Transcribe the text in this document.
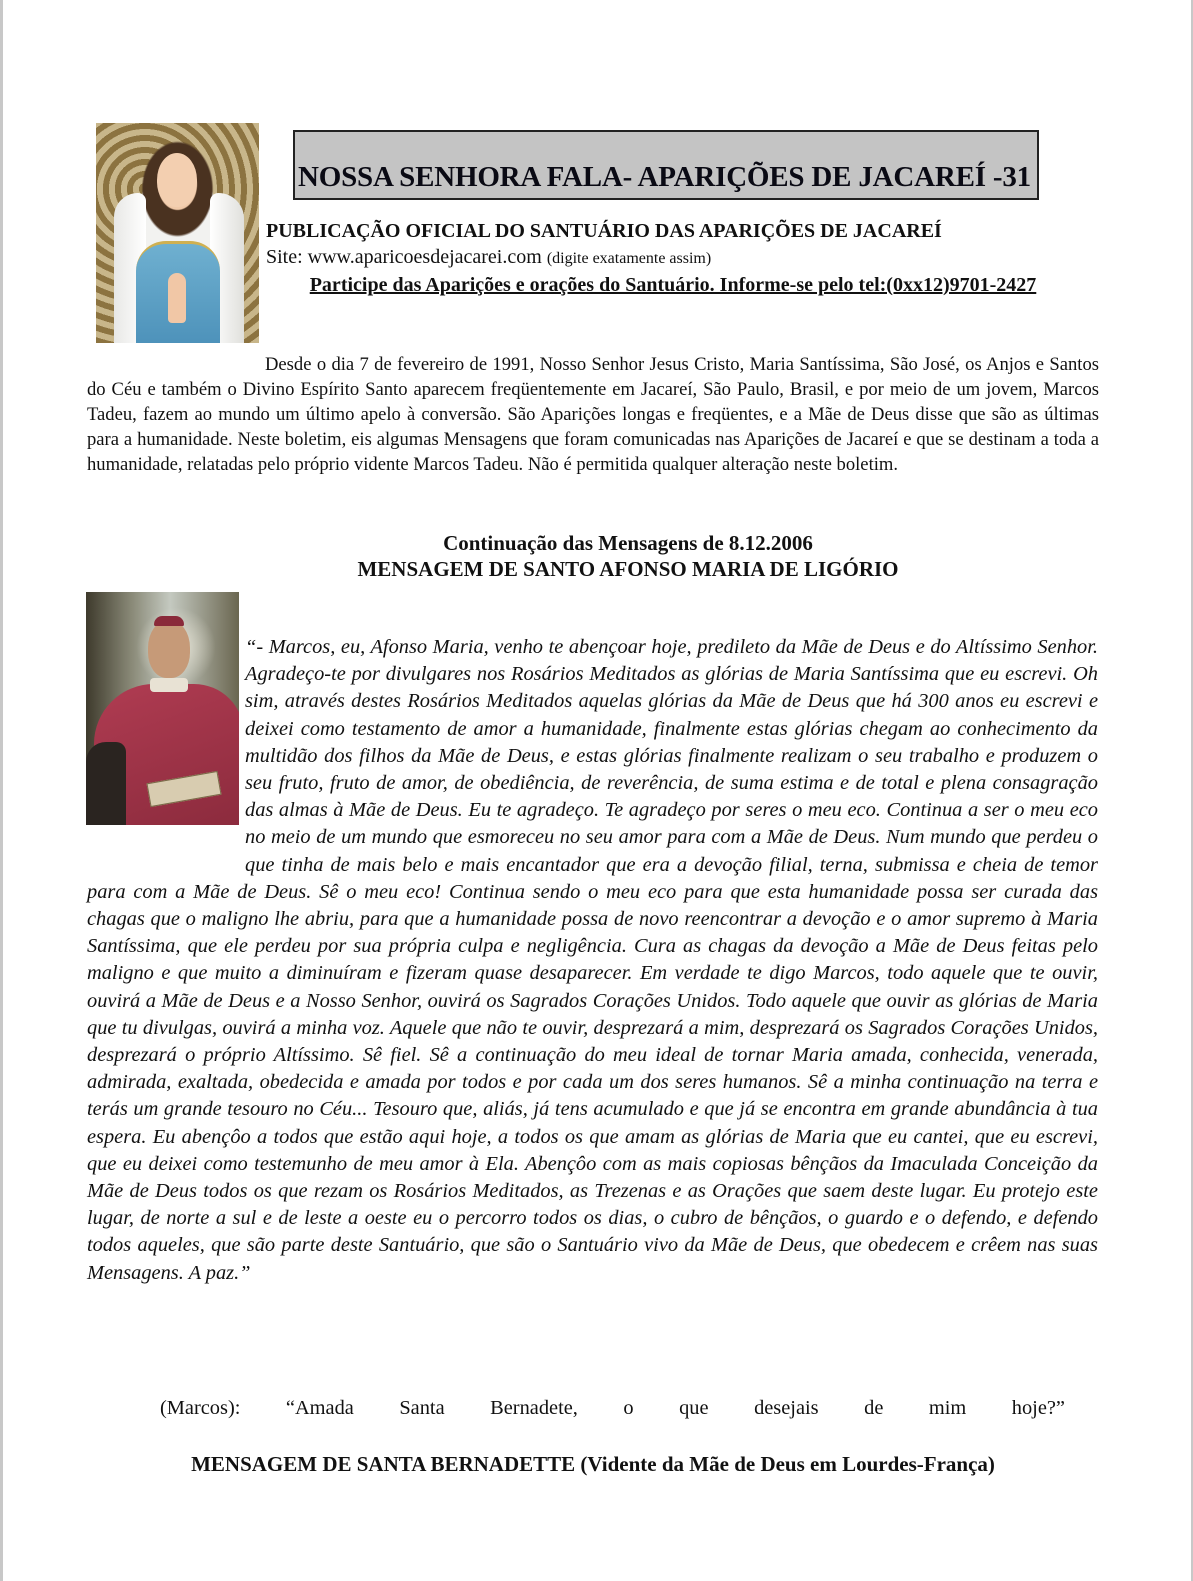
NOSSA SENHORA FALA- APARIÇÕES DE JACAREÍ -31
PUBLICAÇÃO OFICIAL DO SANTUÁRIO DAS APARIÇÕES DE JACAREÍ
Site: www.aparicoesdejacarei.com (digite exatamente assim)
Participe das Aparições e orações do Santuário. Informe-se pelo tel:(0xx12)9701-2427
Desde o dia 7 de fevereiro de 1991, Nosso Senhor Jesus Cristo, Maria Santíssima, São José, os Anjos e Santos do Céu e também o Divino Espírito Santo aparecem freqüentemente em Jacareí, São Paulo, Brasil, e por meio de um jovem, Marcos Tadeu, fazem ao mundo um último apelo à conversão. São Aparições longas e freqüentes, e a Mãe de Deus disse que são as últimas para a humanidade. Neste boletim, eis algumas Mensagens que foram comunicadas nas Aparições de Jacareí e que se destinam a toda a humanidade, relatadas pelo próprio vidente Marcos Tadeu. Não é permitida qualquer alteração neste boletim.
Continuação das Mensagens de 8.12.2006
MENSAGEM DE SANTO AFONSO MARIA DE LIGÓRIO
“- Marcos, eu, Afonso Maria, venho te abençoar hoje, predileto da Mãe de Deus e do Altíssimo Senhor. Agradeço-te por divulgares nos Rosários Meditados as glórias de Maria Santíssima que eu escrevi. Oh sim, através destes Rosários Meditados aquelas glórias da Mãe de Deus que há 300 anos eu escrevi e deixei como testamento de amor a humanidade, finalmente estas glórias chegam ao conhecimento da multidão dos filhos da Mãe de Deus, e estas glórias finalmente realizam o seu trabalho e produzem o seu fruto, fruto de amor, de obediência, de reverência, de suma estima e de total e plena consagração das almas à Mãe de Deus. Eu te agradeço. Te agradeço por seres o meu eco. Continua a ser o meu eco no meio de um mundo que esmoreceu no seu amor para com a Mãe de Deus. Num mundo que perdeu o que tinha de mais belo e mais encantador que era a devoção filial, terna, submissa e cheia de temor para com a Mãe de Deus. Sê o meu eco! Continua sendo o meu eco para que esta humanidade possa ser curada das chagas que o maligno lhe abriu, para que a humanidade possa de novo reencontrar a devoção e o amor supremo à Maria Santíssima, que ele perdeu por sua própria culpa e negligência. Cura as chagas da devoção a Mãe de Deus feitas pelo maligno e que muito a diminuíram e fizeram quase desaparecer. Em verdade te digo Marcos, todo aquele que te ouvir, ouvirá a Mãe de Deus e a Nosso Senhor, ouvirá os Sagrados Corações Unidos. Todo aquele que ouvir as glórias de Maria que tu divulgas, ouvirá a minha voz. Aquele que não te ouvir, desprezará a mim, desprezará os Sagrados Corações Unidos, desprezará o próprio Altíssimo. Sê fiel. Sê a continuação do meu ideal de tornar Maria amada, conhecida, venerada, admirada, exaltada, obedecida e amada por todos e por cada um dos seres humanos. Sê a minha continuação na terra e terás um grande tesouro no Céu... Tesouro que, aliás, já tens acumulado e que já se encontra em grande abundância à tua espera. Eu abençôo a todos que estão aqui hoje, a todos os que amam as glórias de Maria que eu cantei, que eu escrevi, que eu deixei como testemunho de meu amor à Ela. Abençôo com as mais copiosas bênçãos da Imaculada Conceição da Mãe de Deus todos os que rezam os Rosários Meditados, as Trezenas e as Orações que saem deste lugar. Eu protejo este lugar, de norte a sul e de leste a oeste eu o percorro todos os dias, o cubro de bênçãos, o guardo e o defendo, e defendo todos aqueles, que são parte deste Santuário, que são o Santuário vivo da Mãe de Deus, que obedecem e crêem nas suas Mensagens. A paz.”
(Marcos): “Amada Santa Bernadete, o que desejais de mim hoje?”
MENSAGEM DE SANTA BERNADETTE (Vidente da Mãe de Deus em Lourdes-França)
